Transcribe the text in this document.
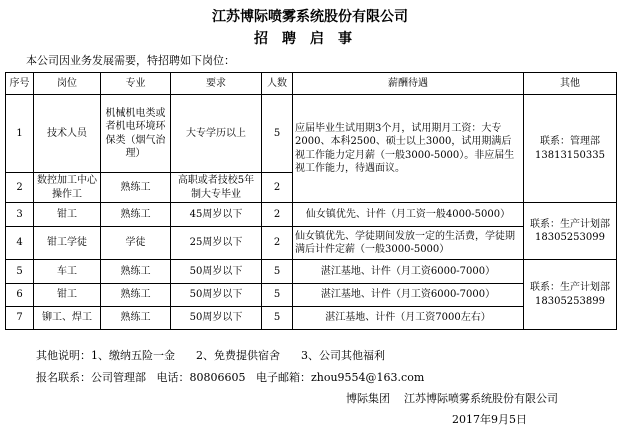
江苏博际喷雾系统股份有限公司
招聘启事
本公司因业务发展需要，特招聘如下岗位：
序号	岗位	专业	要求	人数	薪酬待遇	其他
1	技术人员	机械机电类或者机电环境环保类（烟气治理）	大专学历以上	5	应届毕业生试用期3个月，试用期月工资：大专2000、本科2500、硕士以上3000，试用期满后视工作能力定月薪（一般3000-5000）。非应届生视工作能力，待遇面议。	联系：管理部13813150335
2	数控加工中心操作工	熟练工	高职或者技校5年制大专毕业	2		
3	钳工	熟练工	45周岁以下	2	仙女镇优先、计件（月工资一般4000-5000）	联系：生产计划部18305253099
4	钳工学徒	学徒	25周岁以下	2	仙女镇优先、学徒期间发放一定的生活费，学徒期满后计件定薪（一般3000-5000）	
5	车工	熟练工	50周岁以下	5	湛江基地、计件（月工资6000-7000）	联系：生产计划部18305253899
6	钳工	熟练工	50周岁以下	5	湛江基地、计件（月工资6000-7000）	
7	铆工、焊工	熟练工	50周岁以下	5	湛江基地、计件（月工资7000左右）	
其他说明：1、缴纳五险一金      2、免费提供宿舍      3、公司其他福利
报名联系：公司管理部   电话：80806605   电子邮箱：zhou9554@163.com
博际集团    江苏博际喷雾系统股份有限公司
2017年9月5日
